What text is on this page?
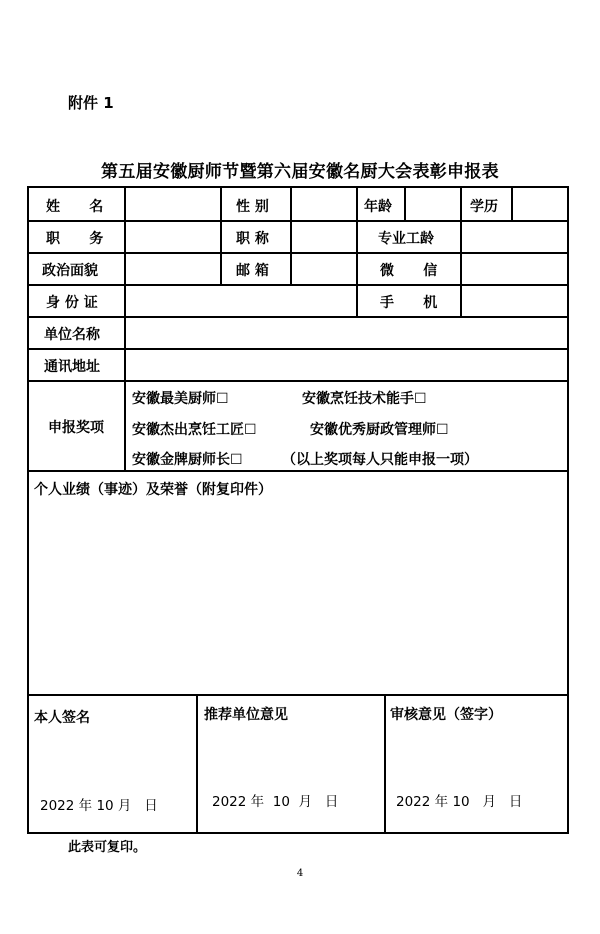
附件 1
第五届安徽厨师节暨第六届安徽名厨大会表彰申报表
姓      名	性 别	年龄	学历
职      务	职 称	专业工龄
政治面貌	邮 箱	微      信
身 份 证	手      机
单位名称
通讯地址
申报奖项
安徽最美厨师☐	安徽烹饪技术能手☐
安徽杰出烹饪工匠☐	安徽优秀厨政管理师☐
安徽金牌厨师长☐	（以上奖项每人只能申报一项）
个人业绩（事迹）及荣誉（附复印件）
本人签名	推荐单位意见	审核意见（签字）
2022 年 10 月   日	2022 年  10  月   日	2022 年 10   月   日
此表可复印。
4
